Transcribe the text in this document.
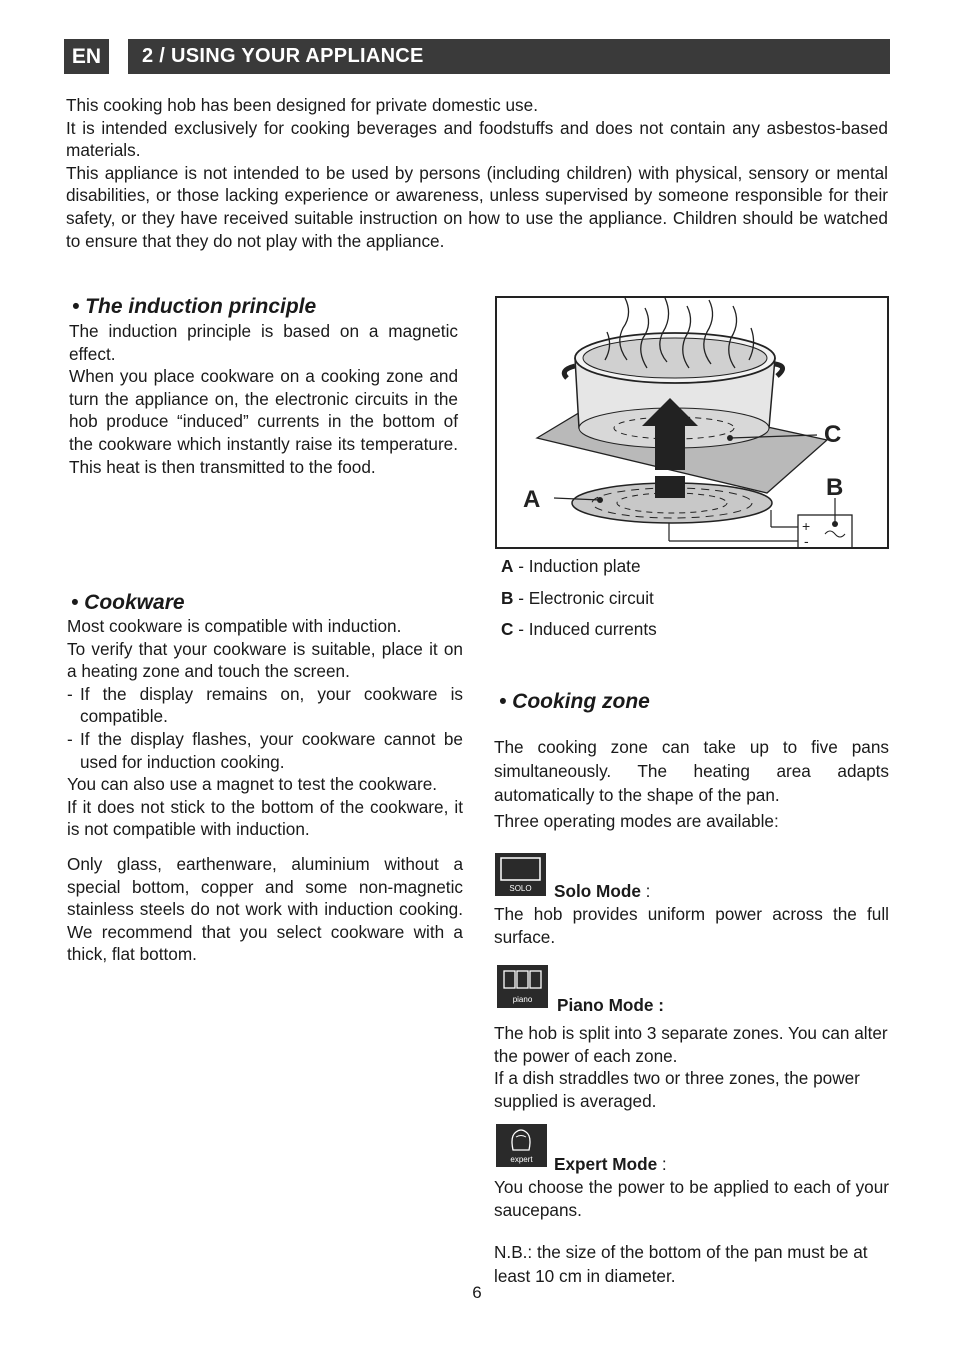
EN	2 / USING YOUR APPLIANCE

This cooking hob has been designed for private domestic use.

It is intended exclusively for cooking beverages and foodstuffs and does not contain any asbestos-based materials.

This appliance is not intended to be used by persons (including children) with physical, sensory or mental disabilities, or those lacking experience or awareness, unless supervised by someone responsible for their safety, or they have received suitable instruction on how to use the appliance. Children should be watched to ensure that they do not play with the appliance.

• The induction principle

The induction principle is based on a magnetic effect.

When you place cookware on a cooking zone and turn the appliance on, the electronic circuits in the hob produce “induced” currents in the bottom of the cookware which instantly raise its temperature. This heat is then transmitted to the food.

C
B
A
+
-
A - Induction plate
B - Electronic circuit
C - Induced currents
• Cookware

Most cookware is compatible with induction.

To verify that your cookware is suitable, place it on a heating zone and touch the screen.

- If the display remains on, your cookware is compatible.

- If the display flashes, your cookware cannot be used for induction cooking.

You can also use a magnet to test the cookware.

If it does not stick to the bottom of the cookware, it is not compatible with induction.

Only glass, earthenware, aluminium without a special bottom, copper and some non-magnetic stainless steels do not work with induction cooking. We recommend that you select cookware with a thick, flat bottom.

• Cooking zone

The cooking zone can take up to five pans simultaneously. The heating area adapts automatically to the shape of the pan.

Three operating modes are available:

SOLO Solo Mode :
The hob provides uniform power across the full surface.
piano Piano Mode :

The hob is split into 3 separate zones. You can alter the power of each zone.

If a dish straddles two or three zones, the power supplied is averaged.

expert Expert Mode :
You choose the power to be applied to each of your saucepans.
N.B.: the size of the bottom of the pan must be at least 10 cm in diameter.
6
